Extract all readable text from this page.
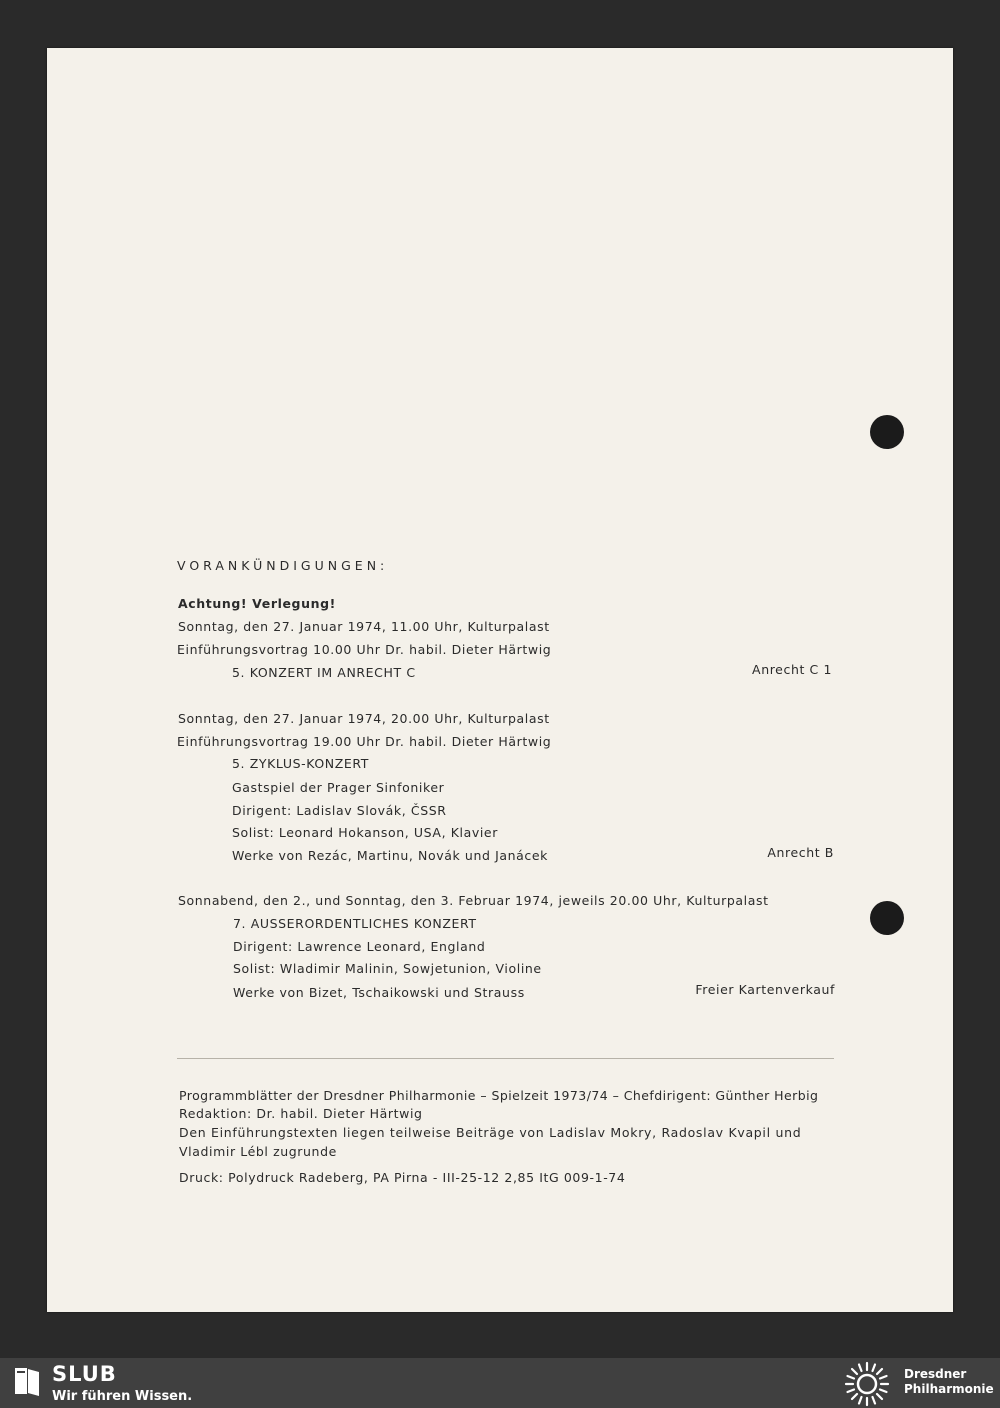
VORANKÜNDIGUNGEN:
Achtung! Verlegung!
Sonntag, den 27. Januar 1974, 11.00 Uhr, Kulturpalast
Einführungsvortrag 10.00 Uhr Dr. habil. Dieter Härtwig
5. KONZERT IM ANRECHT C	Anrecht C 1
Sonntag, den 27. Januar 1974, 20.00 Uhr, Kulturpalast
Einführungsvortrag 19.00 Uhr Dr. habil. Dieter Härtwig
5. ZYKLUS-KONZERT
Gastspiel der Prager Sinfoniker
Dirigent: Ladislav Slovák, ČSSR
Solist: Leonard Hokanson, USA, Klavier
Werke von Rezác, Martinu, Novák und Janácek	Anrecht B
Sonnabend, den 2., und Sonntag, den 3. Februar 1974, jeweils 20.00 Uhr, Kulturpalast
7. AUSSERORDENTLICHES KONZERT
Dirigent: Lawrence Leonard, England
Solist: Wladimir Malinin, Sowjetunion, Violine
Werke von Bizet, Tschaikowski und Strauss	Freier Kartenverkauf
Programmblätter der Dresdner Philharmonie – Spielzeit 1973/74 – Chefdirigent: Günther Herbig
Redaktion: Dr. habil. Dieter Härtwig
Den Einführungstexten liegen teilweise Beiträge von Ladislav Mokry, Radoslav Kvapil und
Vladimir Lébl zugrunde
Druck: Polydruck Radeberg, PA Pirna - III-25-12 2,85 ItG 009-1-74
SLUB
Wir führen Wissen.
Dresdner
Philharmonie
